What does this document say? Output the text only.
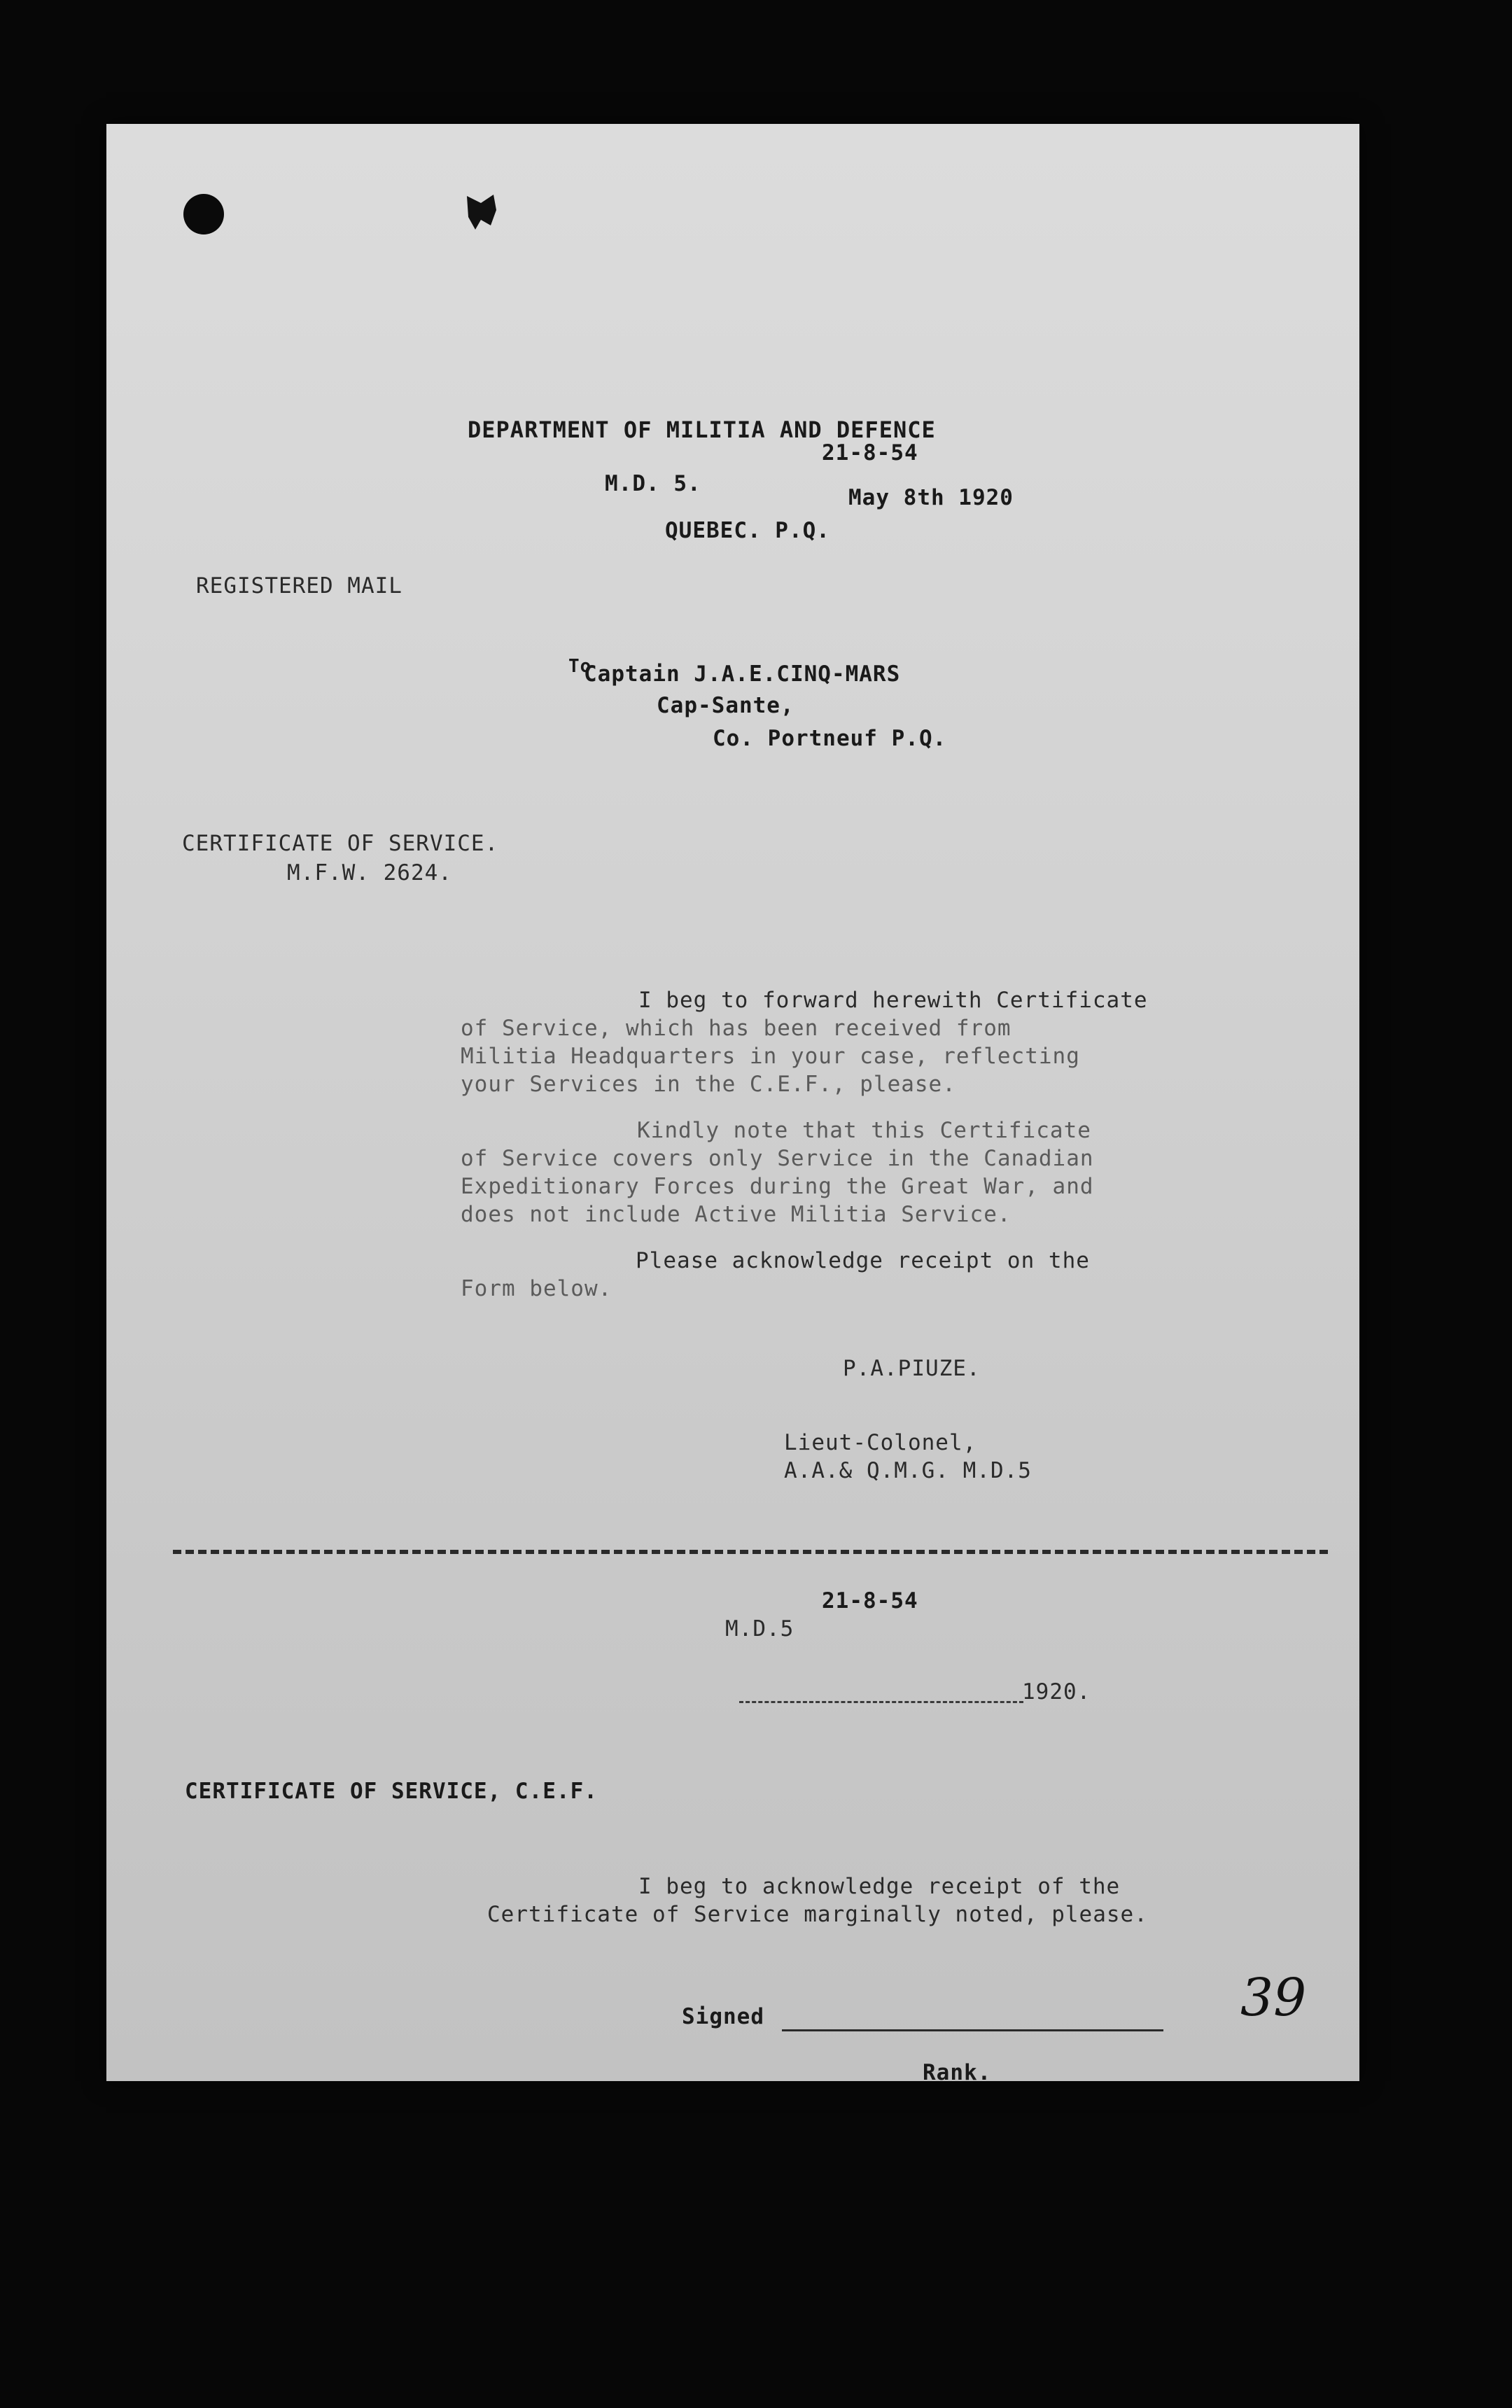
DEPARTMENT OF MILITIA AND DEFENCE
21-8-54
M.D. 5.
May 8th 1920
QUEBEC. P.Q.
REGISTERED MAIL
To
Captain J.A.E.CINQ-MARS
Cap-Sante,
Co. Portneuf P.Q.
CERTIFICATE OF SERVICE.
M.F.W. 2624.
I beg to forward herewith Certificate
of Service, which has been received from
Militia Headquarters in your case, reflecting
your Services in the C.E.F., please.
Kindly note that this Certificate
of Service covers only Service in the Canadian
Expeditionary Forces during the Great War, and
does not include Active Militia Service.
Please acknowledge receipt on the
Form below.
P.A.PIUZE.
Lieut-Colonel,
A.A.& Q.M.G. M.D.5
21-8-54
M.D.5
1920.
CERTIFICATE OF SERVICE, C.E.F.
I beg to acknowledge receipt of the
Certificate of Service marginally noted, please.
Signed
Rank.
39
